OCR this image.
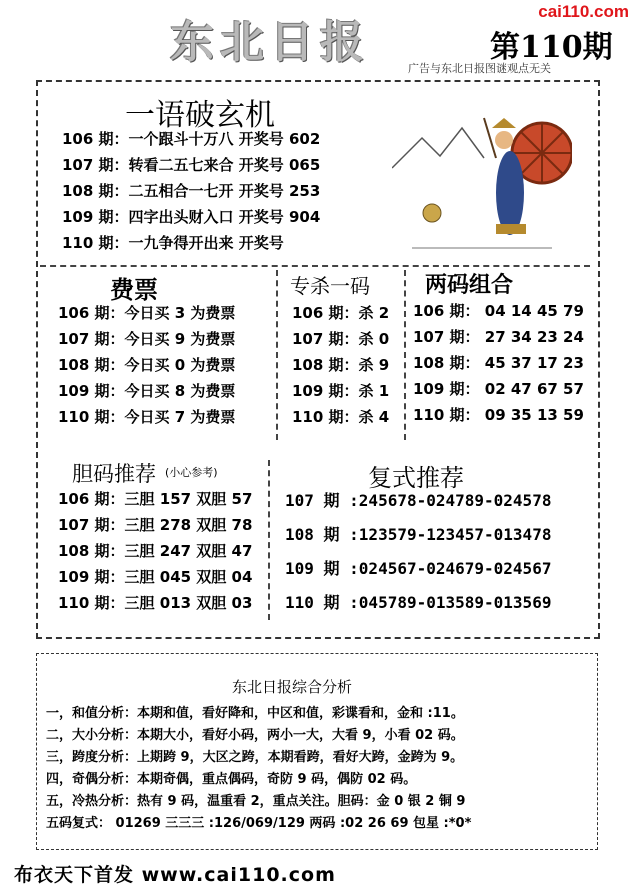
东北日报
cai110.com
第110期
广告与东北日报图谜观点无关
一语破玄机
106 期：一个跟斗十万八 开奖号 602
107 期：转看二五七来合 开奖号 065
108 期：二五相合一七开 开奖号 253
109 期：四字出头财入口 开奖号 904
110 期：一九争得开出来 开奖号
费票
106 期：今日买 3 为费票
107 期：今日买 9 为费票
108 期：今日买 0 为费票
109 期：今日买 8 为费票
110 期：今日买 7 为费票
专杀一码
106 期：杀 2
107 期：杀 0
108 期：杀 9
109 期：杀 1
110 期：杀 4
两码组合
106 期： 04 14 45 79
107 期： 27 34 23 24
108 期： 45 37 17 23
109 期： 02 47 67 57
110 期： 09 35 13 59
胆码推荐 (小心参考)
106 期：三胆 157 双胆 57
107 期：三胆 278 双胆 78
108 期：三胆 247 双胆 47
109 期：三胆 045 双胆 04
110 期：三胆 013 双胆 03
复式推荐
107 期 :245678-024789-024578
108 期 :123579-123457-013478
109 期 :024567-024679-024567
110 期 :045789-013589-013569
东北日报综合分析
一，和值分析：本期和值，看好降和，中区和值，彩谍看和，金和 :11。
二，大小分析：本期大小，看好小码，两小一大，大看 9，小看 02 码。
三，跨度分析：上期跨 9，大区之跨，本期看跨，看好大跨，金跨为 9。
四，奇偶分析：本期奇偶，重点偶码，奇防 9 码，偶防 02 码。
五，冷热分析：热有 9 码，温重看 2，重点关注。胆码：金 0 银 2 铜 9
五码复式： 01269 三三三 :126/069/129 两码 :02 26 69 包星 :*0*
布衣天下首发 www.cai110.com
